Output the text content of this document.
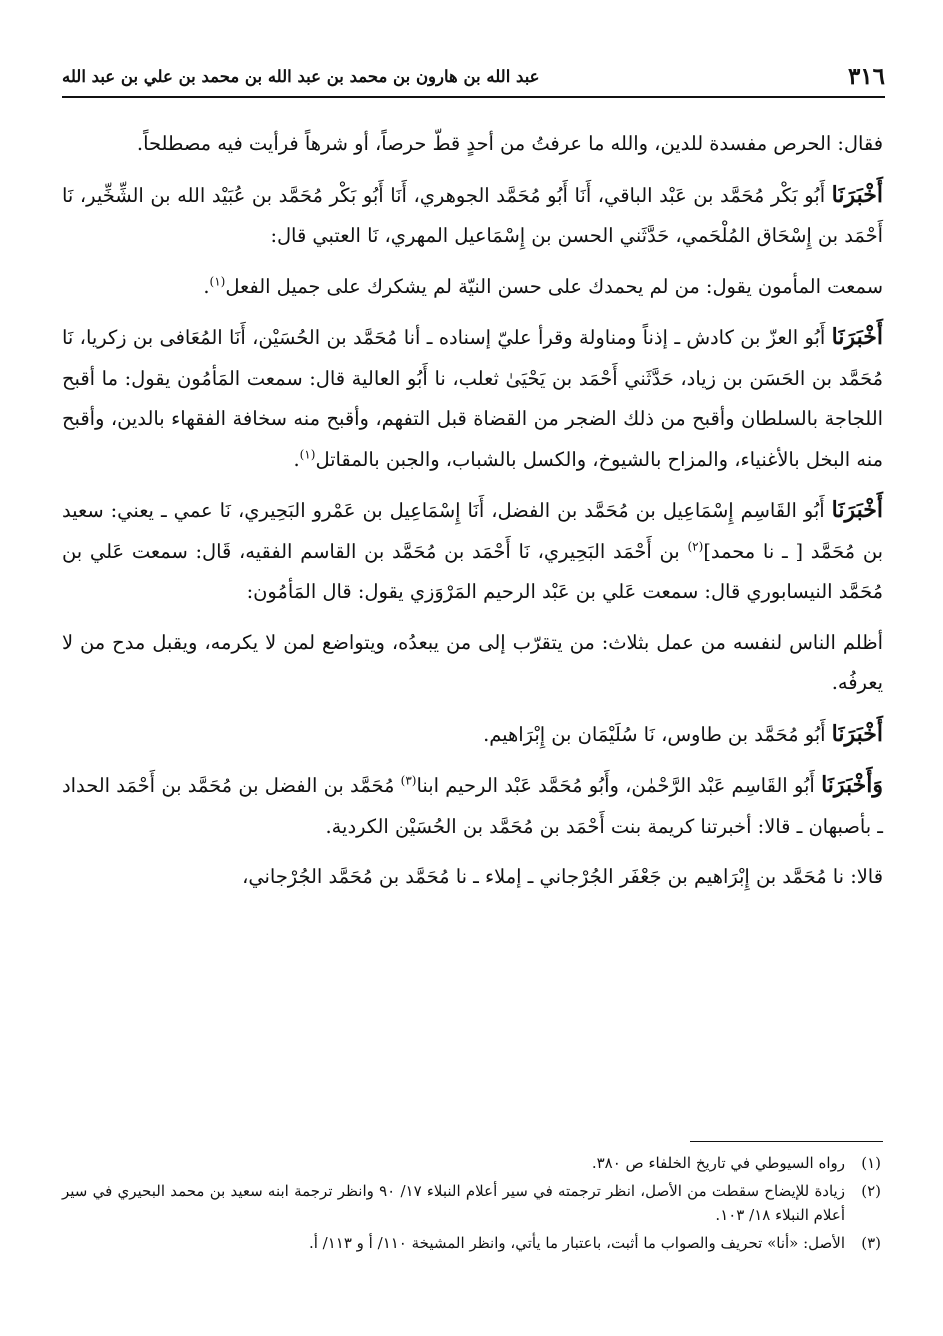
٣١٦
عبد الله بن هارون بن محمد بن عبد الله بن محمد بن علي بن عبد الله

فقال: الحرص مفسدة للدين، والله ما عرفتُ من أحدٍ قطّ حرصاً، أو شرهاً فرأيت فيه مصطلحاً.

أَخْبَرَنَا أَبُو بَكْر مُحَمَّد بن عَبْد الباقي، أَنَا أَبُو مُحَمَّد الجوهري، أَنَا أَبُو بَكْر مُحَمَّد بن عُبَيْد الله بن الشِّخِّير، نَا أَحْمَد بن إِسْحَاق المُلْحَمي، حَدَّثَني الحسن بن إِسْمَاعيل المهري، نَا العتبي قال:

سمعت المأمون يقول: من لم يحمدك على حسن النيّة لم يشكرك على جميل الفعل$^{(١)}$.

أَخْبَرَنَا أَبُو العزّ بن كادش ـ إذناً ومناولة وقرأ عليّ إسناده ـ أنا مُحَمَّد بن الحُسَيْن، أَنَا المُعَافى بن زكريا، نَا مُحَمَّد بن الحَسَن بن زياد، حَدَّثَني أَحْمَد بن يَحْيَىٰ ثعلب، نا أَبُو العالية قال: سمعت المَأمُون يقول: ما أقبح اللجاجة بالسلطان وأقبح من ذلك الضجر من القضاة قبل التفهم، وأقبح منه سخافة الفقهاء بالدين، وأقبح منه البخل بالأغنياء، والمزاح بالشيوخ، والكسل بالشباب، والجبن بالمقاتل$^{(١)}$.

أَخْبَرَنَا أَبُو القَاسِم إِسْمَاعِيل بن مُحَمَّد بن الفضل، أَنَا إِسْمَاعِيل بن عَمْرو البَحِيري، نَا عمي ـ يعني: سعيد بن مُحَمَّد [ ـ نا محمد]$^{(٢)}$ بن أَحْمَد البَحِيري، نَا أَحْمَد بن مُحَمَّد بن القاسم الفقيه، قَال: سمعت عَلي بن مُحَمَّد النيسابوري قال: سمعت عَلي بن عَبْد الرحيم المَرْوَزي يقول: قال المَأمُون:

أظلم الناس لنفسه من عمل بثلاث: من يتقرّب إلى من يبعدُه، ويتواضع لمن لا يكرمه، ويقبل مدح من لا يعرفُه.

أَخْبَرَنَا أَبُو مُحَمَّد بن طاوس، نَا سُلَيْمَان بن إِبْرَاهيم.

وَأَخْبَرَنَا أَبُو القَاسِم عَبْد الرَّحْمٰن، وأَبُو مُحَمَّد عَبْد الرحيم ابنا$^{(٣)}$ مُحَمَّد بن الفضل بن مُحَمَّد بن أَحْمَد الحداد ـ بأصبهان ـ قالا: أخبرتنا كريمة بنت أَحْمَد بن مُحَمَّد بن الحُسَيْن الكردية.

قالا: نا مُحَمَّد بن إِبْرَاهيم بن جَعْفَر الجُرْجاني ـ إملاء ـ نا مُحَمَّد بن مُحَمَّد الجُرْجاني،

(١)
رواه السيوطي في تاريخ الخلفاء ص ٣٨٠.
(٢)
زيادة للإيضاح سقطت من الأصل، انظر ترجمته في سير أعلام النبلاء ١٧/ ٩٠ وانظر ترجمة ابنه سعيد بن محمد البحيري في سير أعلام النبلاء ١٨/ ١٠٣.
(٣)
الأصل: «أنا» تحريف والصواب ما أثبت، باعتبار ما يأتي، وانظر المشيخة ١١٠/ أ و ١١٣/ أ.
